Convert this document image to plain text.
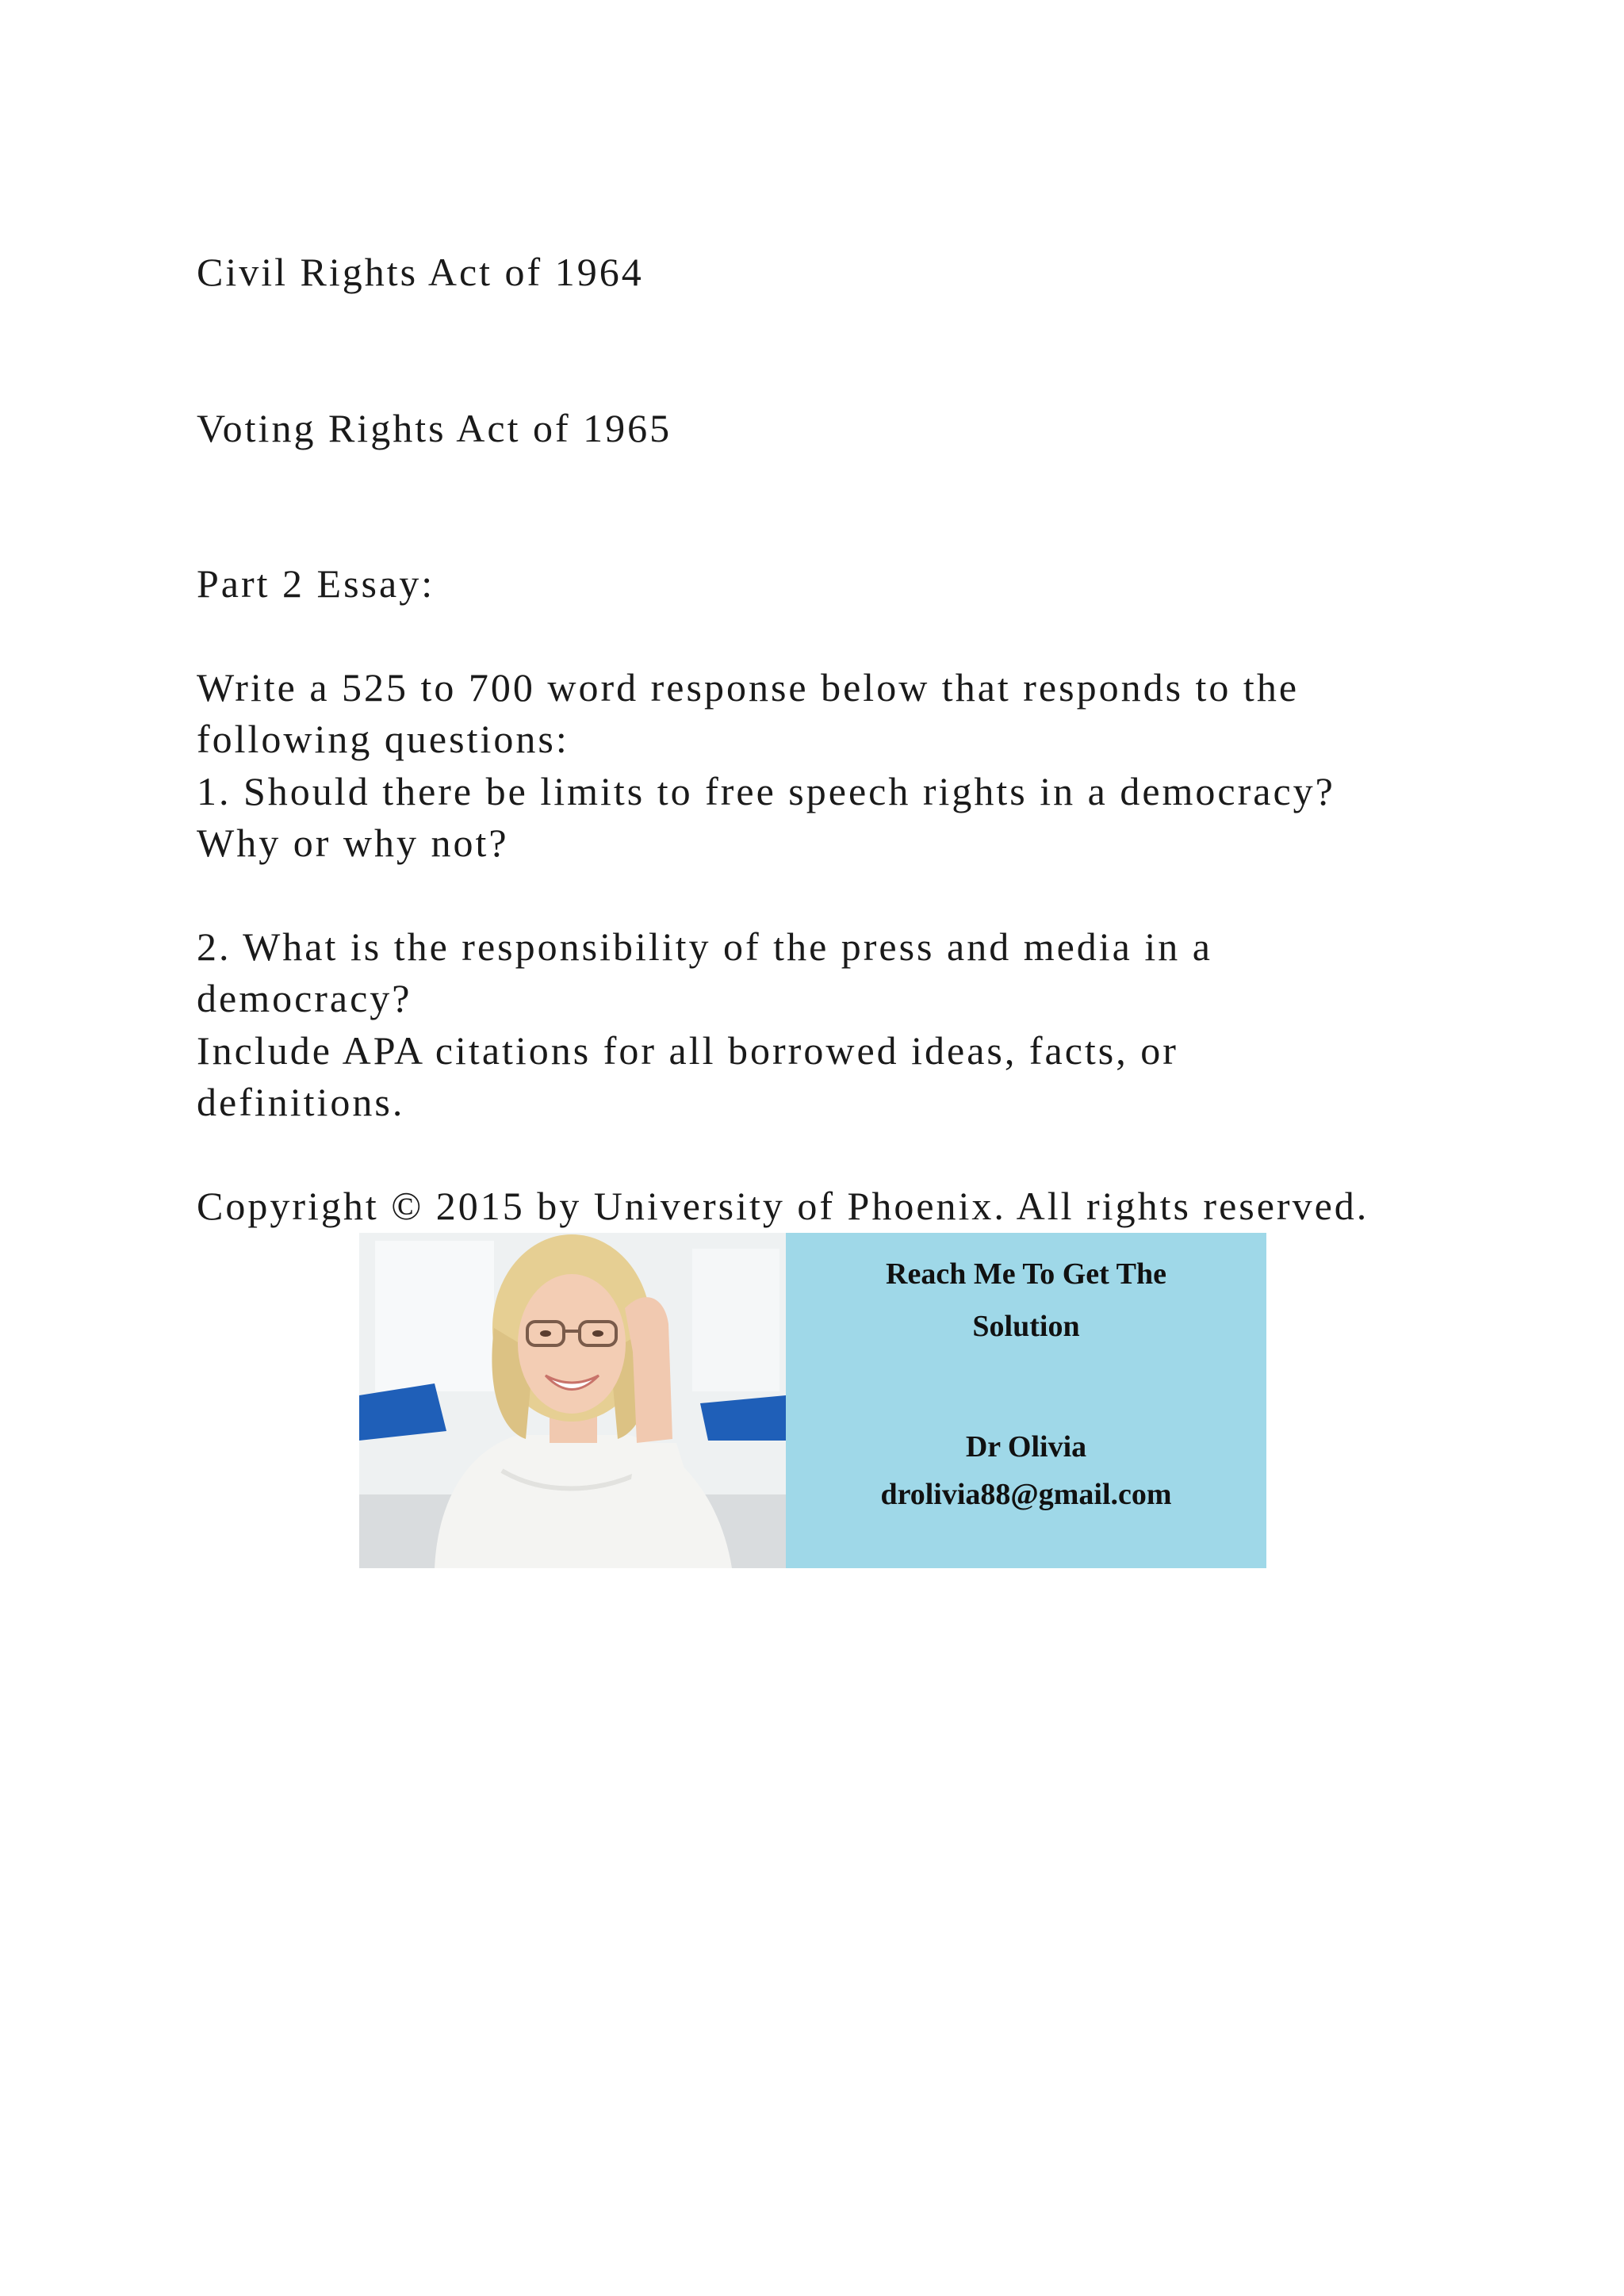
Civil Rights Act of 1964
Voting Rights Act of 1965
Part 2 Essay:
Write a 525 to 700 word response below that responds to the
following questions:
1. Should there be limits to free speech rights in a democracy?
Why or why not?
2. What is the responsibility of the press and media in a
democracy?
Include APA citations for all borrowed ideas, facts, or
definitions.
Copyright © 2015 by University of Phoenix. All rights reserved.
Reach Me To Get The
Solution
Dr Olivia
drolivia88@gmail.com
